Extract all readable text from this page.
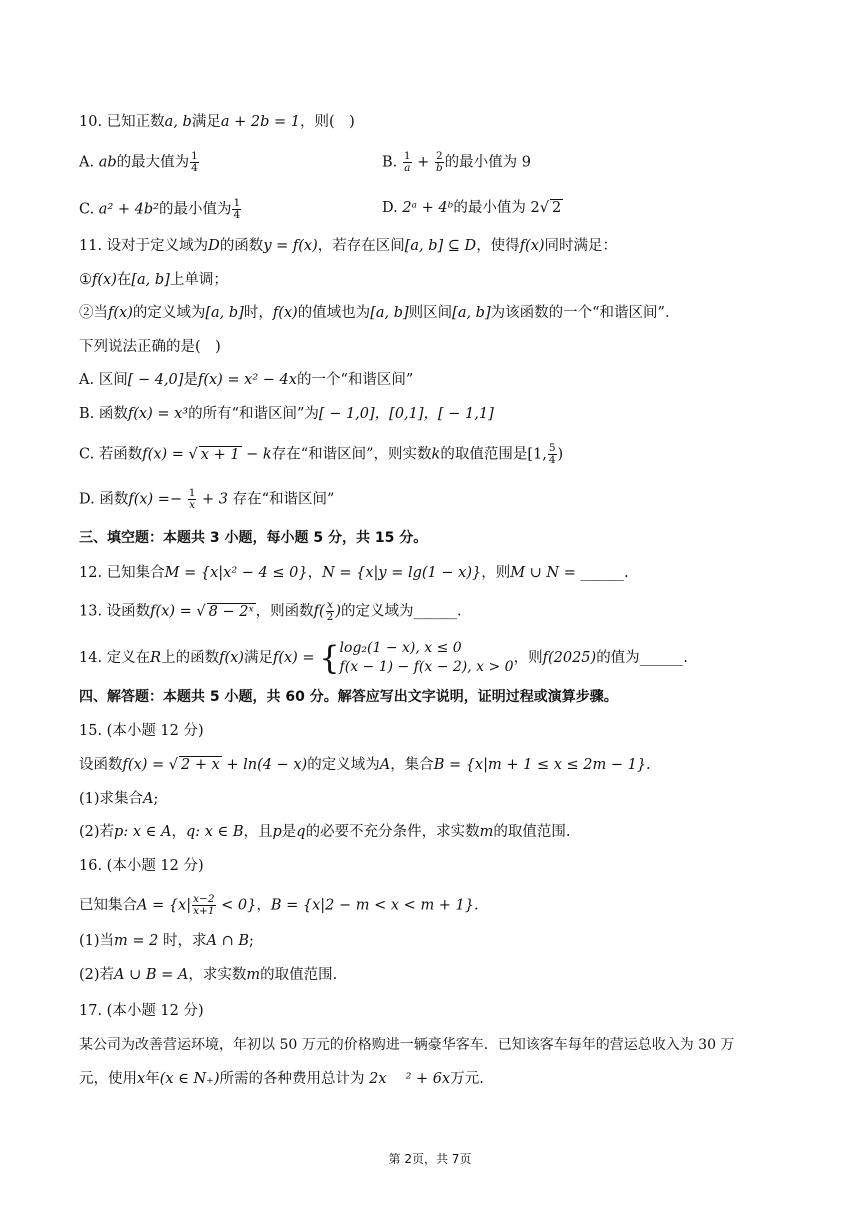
10. 已知正数a, b满足a + 2b = 1，则(　)
A. ab的最大值为 $\frac{1}{4}$	B. $\frac{1}{a} + \frac{2}{b}$ 的最小值为 9
C. a² + 4b²的最小值为 $\frac{1}{4}$	D. 2ᵃ + 4ᵇ的最小值为 2√ 2
11. 设对于定义域为D的函数y = f(x)，若存在区间[a, b] ⊆ D，使得f(x)同时满足：
①f(x)在[a, b]上单调；
②当f(x)的定义域为[a, b]时，f(x)的值域也为[a, b]则区间[a, b]为该函数的一个“和谐区间”．
下列说法正确的是(　)
A. 区间[ − 4,0]是f(x) = x² − 4x的一个“和谐区间”
B. 函数f(x) = x³的所有“和谐区间”为[ − 1,0]，[0,1]，[ − 1,1]
C. 若函数f(x) = √ x + 1 − k存在“和谐区间”，则实数k的取值范围是[1, $\frac{5}{4}$ )
D. 函数$f(x) =- \frac{1}{x} + 3$ 存在“和谐区间”
三、填空题：本题共 3 小题，每小题 5 分，共 15 分。
12. 已知集合M = {x|x² − 4 ≤ 0}，N = {x|y = lg(1 − x)}，则M ∪ N = ______.
13. 设函数f(x) = √ 8 − 2ˣ ，则函数$f( \frac{x}{2}$ )的定义域为______.
14. 定义在R上的函数f(x)满足f(x) = { log₂(1 − x), x ≤ 0
f(x − 1) − f(x − 2), x > 0
，则f(2025)的值为______.
四、解答题：本题共 5 小题，共 60 分。解答应写出文字说明，证明过程或演算步骤。
15. (本小题 12 分)
设函数f(x) = √ 2 + x + ln(4 − x)的定义域为A，集合B = {x|m + 1 ≤ x ≤ 2m − 1}.
(1)求集合A;
(2)若p: x ∈ A，q: x ∈ B，且p是q的必要不充分条件，求实数m的取值范围.
16. (本小题 12 分)
已知集合$A = \{x| \frac{x-2}{x+1} < 0\}$，B = {x|2 − m < x < m + 1}.
(1)当m = 2 时，求A ∩ B;
(2)若A ∪ B = A，求实数m的取值范围.
17. (本小题 12 分)
某公司为改善营运环境，年初以 50 万元的价格购进一辆豪华客车．已知该客车每年的营运总收入为 30 万
元，使用x年(x ∈ N₊)所需的各种费用总计为 2x　 ² + 6x万元.
第 2页，共 7页
